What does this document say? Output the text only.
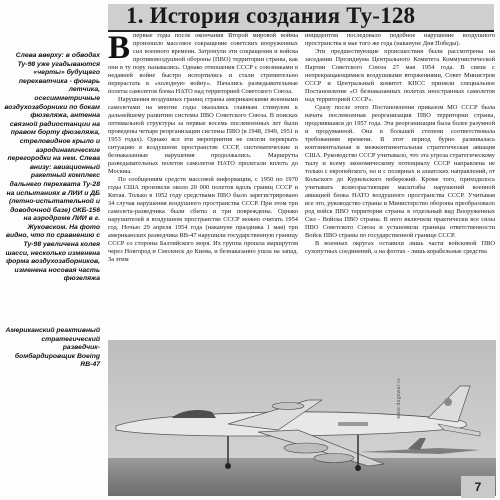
1. История создания Ту-128
Слева вверху: в обводах Ту-98 уже угадываются «черты» будущего перехватчика - фонарь летчика, осесимметричные воздухозаборники по бокам фюзеляжа, антенна связной радиостанции на правом борту фюзеляжа, стреловидное крыло и аэродинамические перегородки на нем. Слева внизу: авиационный ракетный комплекс дальнего перехвата Ту-28 на испытаниях в ЛИИ и ДБ (летно-испытательной и доводочной базе) ОКБ-156 на аэродроме ЛИИ в г. Жуковском. На фото видно, что по сравнению с Ту-98 увеличена колея шасси, несколько изменена форма воздухозаборников, изменена носовая часть фюзеляжа
Американский реактивный стратегический разведчик-бомбардировщик Boeing RB-47
В первые годы после окончания Второй мировой войны произошло массовое сокращение советских вооруженных сил военного времени. Затронули эти сокращения и войска противовоздушной обороны (ПВО) территории страны, как они в ту пору назывались. Однако отношения СССР с союзниками в недавней войне быстро испортились и стали стремительно перерастать в «холодную войну». Начались разведывательные полеты самолетов блока НАТО над территорией Советского Союза.

Нарушения воздушных границ страны американскими военными самолетами на многие годы оказались главным стимулом к дальнейшему развитию системы ПВО Советского Союза. В поисках оптимальной структуры за первые восемь послевоенных лет были проведены четыре реорганизации системы ПВО (в 1948, 1949, 1951 и 1953 годах). Однако все эти мероприятия не смогли перекрыть ситуацию в воздушном пространстве СССР, систематические и безнаказанные нарушения продолжались. Маршруты разведывательных полетов самолетов НАТО пролегали вплоть до Москвы.

По сообщениям средств массовой информации, с 1950 по 1970 годы США произвели около 20 000 полетов вдоль границ СССР и Китая. Только в 1952 году средствами ПВО было зарегистрировано 34 случая нарушения воздушного пространства СССР. При этом три самолета-разведчика были сбиты и три повреждены. Однако нарушителей в воздушном пространстве СССР можно считать 1954 год. Ночью 29 апреля 1954 года (накануне праздника 1 мая) три американских разведчика RB-47 нарушили государственную границу СССР со стороны Балтийского моря. Их группа прошла маршрутом через Новгород и Смоленск до Киева, и безнаказанно ушла на запад. За этим

инцидентом последовало подобное нарушение воздушного пространства в мае того же года (накануне Дня Победы).

Эти предшествующие происшествия были рассмотрены на заседании Президиума Центрального Комитета Коммунистической Партии Советского Союза 27 мая 1954 года. В связи с непрекращающимися воздушными вторжениями, Совет Министров СССР и Центральный комитет КПСС приняли специальное Постановление «О безнаказанных полетах иностранных самолетов над территорией СССР».

Сразу после этого Постановления приказом МО СССР была начата послевоенная реорганизация ПВО территории страны, продлившаяся до 1957 года. Эта реорганизация была более разумной и продуманной. Она в большей степени соответствовала требованиям времени. В этот период бурно развивалась континентальная и межконтинентальная стратегическая авиация США. Руководство СССР учитывало, что эта угроза стратегическому тылу и всему экономическому потенциалу СССР направлена не только с европейского, но и с полярных и азиатских направлений, от Кольского до Курильского побережий. Кроме того, приходилось учитывать всевозрастающие масштабы нарушений военной авиацией блока НАТО воздушного пространства СССР. Учитывая все это, руководство страны и Министерство обороны преобразовало род войск ПВО территории страны в отдельный вид Вооруженных Сил - Войска ПВО страны. В него включили практически все силы ПВО Советского Союза и установили границы ответственности Войск ПВО страны по государственной границе СССР.

В военных округах оставили лишь части войсковой ПВО сухопутных соединений, а на флотах - лишь корабельные средства

www.dogswar.ru
7
